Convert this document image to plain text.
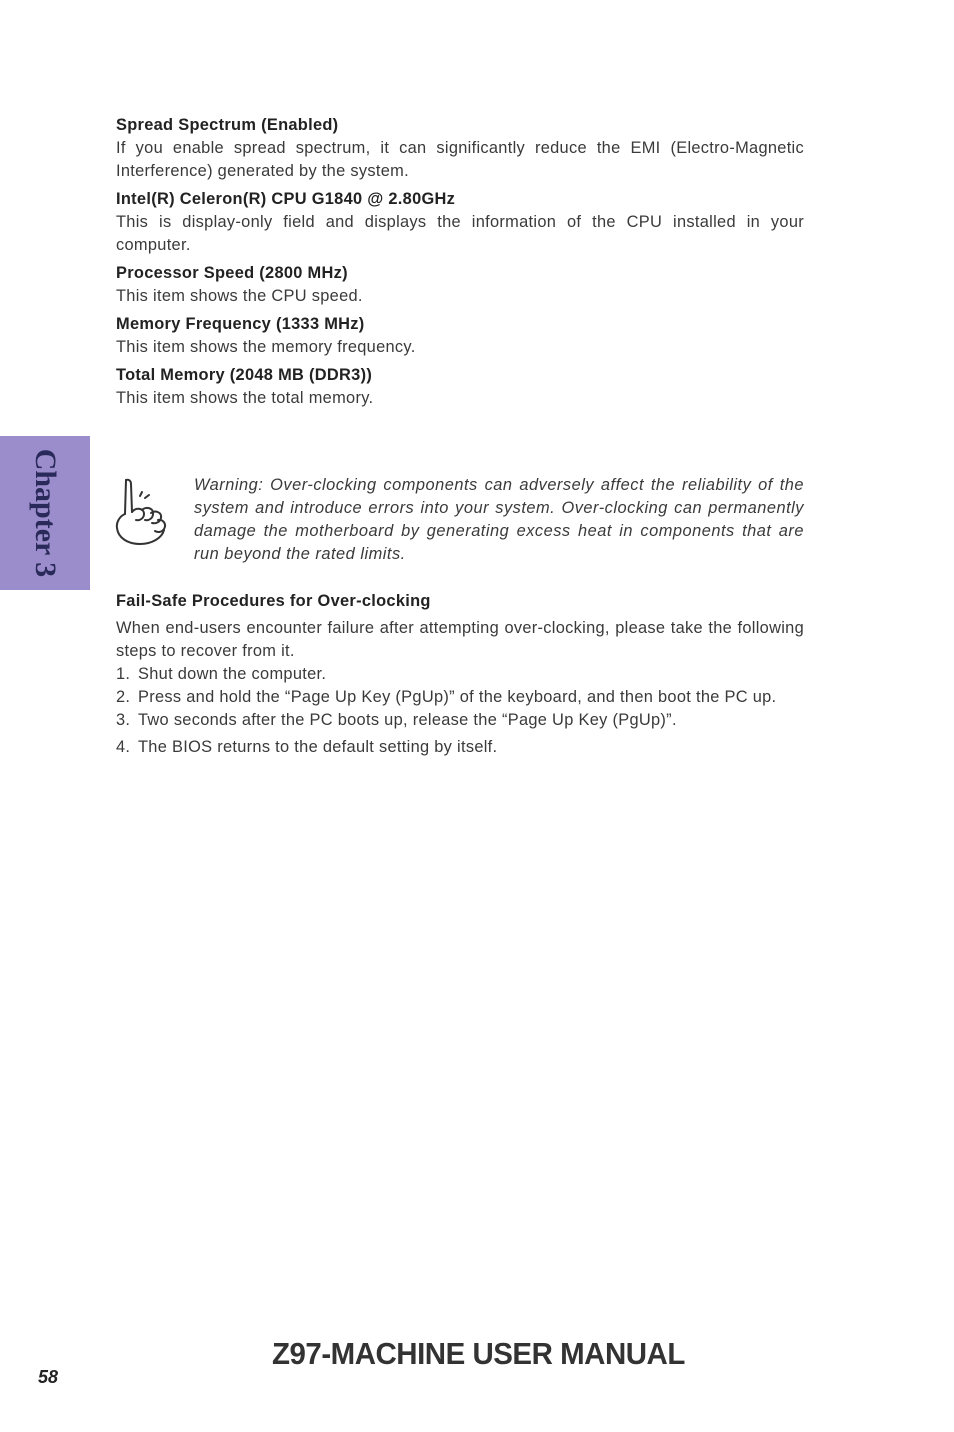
Spread Spectrum (Enabled)

If you enable spread spectrum, it can significantly reduce the EMI (Electro-Magnetic Interference) generated by the system.

Intel(R) Celeron(R) CPU G1840 @ 2.80GHz

This is display-only field and displays the information of the CPU installed in your computer.

Processor Speed (2800 MHz)

This item shows the CPU speed.

Memory Frequency (1333 MHz)

This item shows the memory frequency.

Total Memory (2048 MB (DDR3))

This item shows the total memory.

Chapter 3	Warning: Over-clocking components can adversely affect the reliability of the system and introduce errors into your system. Over-clocking can permanently damage the motherboard by generating excess heat in components that are run beyond the rated limits.

Fail-Safe Procedures for Over-clocking

When end-users encounter failure after attempting over-clocking, please take the following steps to recover from it.

1. Shut down the computer.
2. Press and hold the “Page Up Key (PgUp)” of the keyboard, and then boot the PC up.
3. Two seconds after the PC boots up, release the “Page Up Key (PgUp)”.
4. The BIOS returns to the default setting by itself.

Z97-MACHINE USER MANUAL

58
